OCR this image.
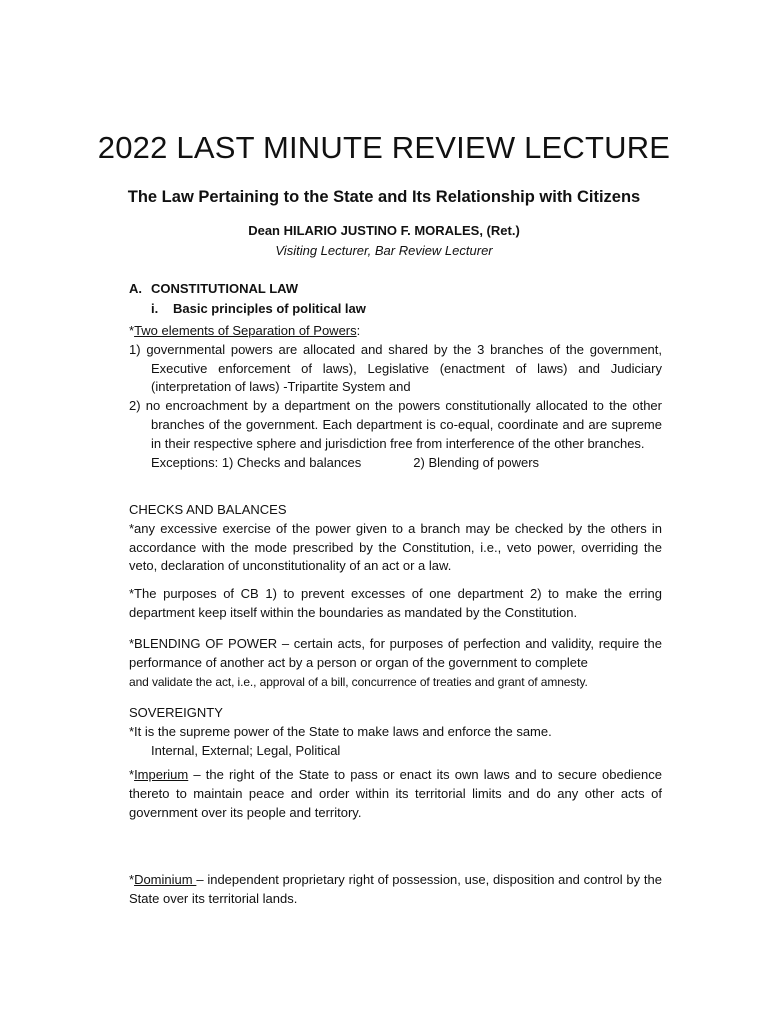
2022 LAST MINUTE REVIEW LECTURE
The Law Pertaining to the State and Its Relationship with Citizens
Dean HILARIO JUSTINO F. MORALES, (Ret.)
Visiting Lecturer, Bar Review Lecturer
A. CONSTITUTIONAL LAW
i. Basic principles of political law
*Two elements of Separation of Powers:
1) governmental powers are allocated and shared by the 3 branches of the government, Executive enforcement of laws), Legislative (enactment of laws) and Judiciary (interpretation of laws) -Tripartite System and
2) no encroachment by a department on the powers constitutionally allocated to the other branches of the government. Each department is co-equal, coordinate and are supreme in their respective sphere and jurisdiction free from interference of the other branches.
Exceptions: 1) Checks and balances	2) Blending of powers
CHECKS AND BALANCES
*any excessive exercise of the power given to a branch may be checked by the others in accordance with the mode prescribed by the Constitution, i.e., veto power, overriding the veto, declaration of unconstitutionality of an act or a law.
*The purposes of CB 1) to prevent excesses of one department 2) to make the erring department keep itself within the boundaries as mandated by the Constitution.
*BLENDING OF POWER – certain acts, for purposes of perfection and validity, require the performance of another act by a person or organ of the government to complete
and validate the act, i.e., approval of a bill, concurrence of treaties and grant of amnesty.
SOVEREIGNTY
*It is the supreme power of the State to make laws and enforce the same.
Internal, External; Legal, Political
*Imperium – the right of the State to pass or enact its own laws and to secure obedience thereto to maintain peace and order within its territorial limits and do any other acts of government over its people and territory.
*Dominium – independent proprietary right of possession, use, disposition and control by the State over its territorial lands.
